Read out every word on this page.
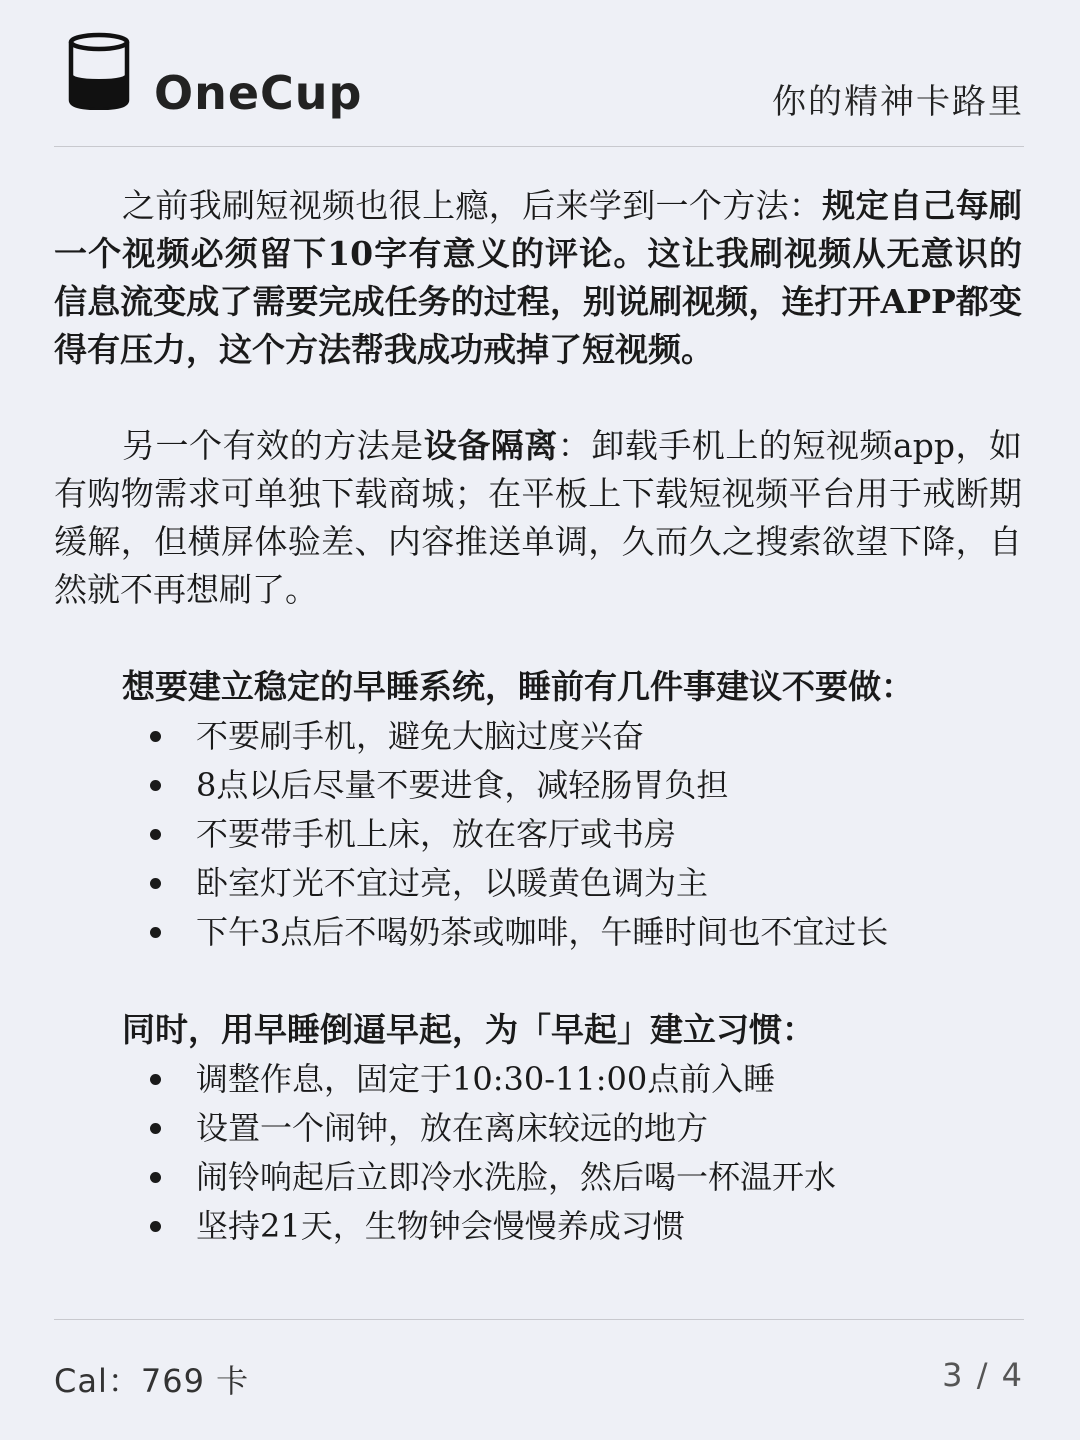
OneCup	你的精神卡路里

之前我刷短视频也很上瘾，后来学到一个方法：规定自己每刷一个视频必须留下10字有意义的评论。这让我刷视频从无意识的信息流变成了需要完成任务的过程，别说刷视频，连打开APP都变得有压力，这个方法帮我成功戒掉了短视频。

另一个有效的方法是设备隔离：卸载手机上的短视频app，如有购物需求可单独下载商城；在平板上下载短视频平台用于戒断期缓解，但横屏体验差、内容推送单调，久而久之搜索欲望下降，自然就不再想刷了。

想要建立稳定的早睡系统，睡前有几件事建议不要做：
不要刷手机，避免大脑过度兴奋
8点以后尽量不要进食，减轻肠胃负担
不要带手机上床，放在客厅或书房
卧室灯光不宜过亮，以暖黄色调为主
下午3点后不喝奶茶或咖啡，午睡时间也不宜过长
同时，用早睡倒逼早起，为「早起」建立习惯：
调整作息，固定于10:30-11:00点前入睡
设置一个闹钟，放在离床较远的地方
闹铃响起后立即冷水洗脸，然后喝一杯温开水
坚持21天，生物钟会慢慢养成习惯
Cal：769 卡	3 / 4
